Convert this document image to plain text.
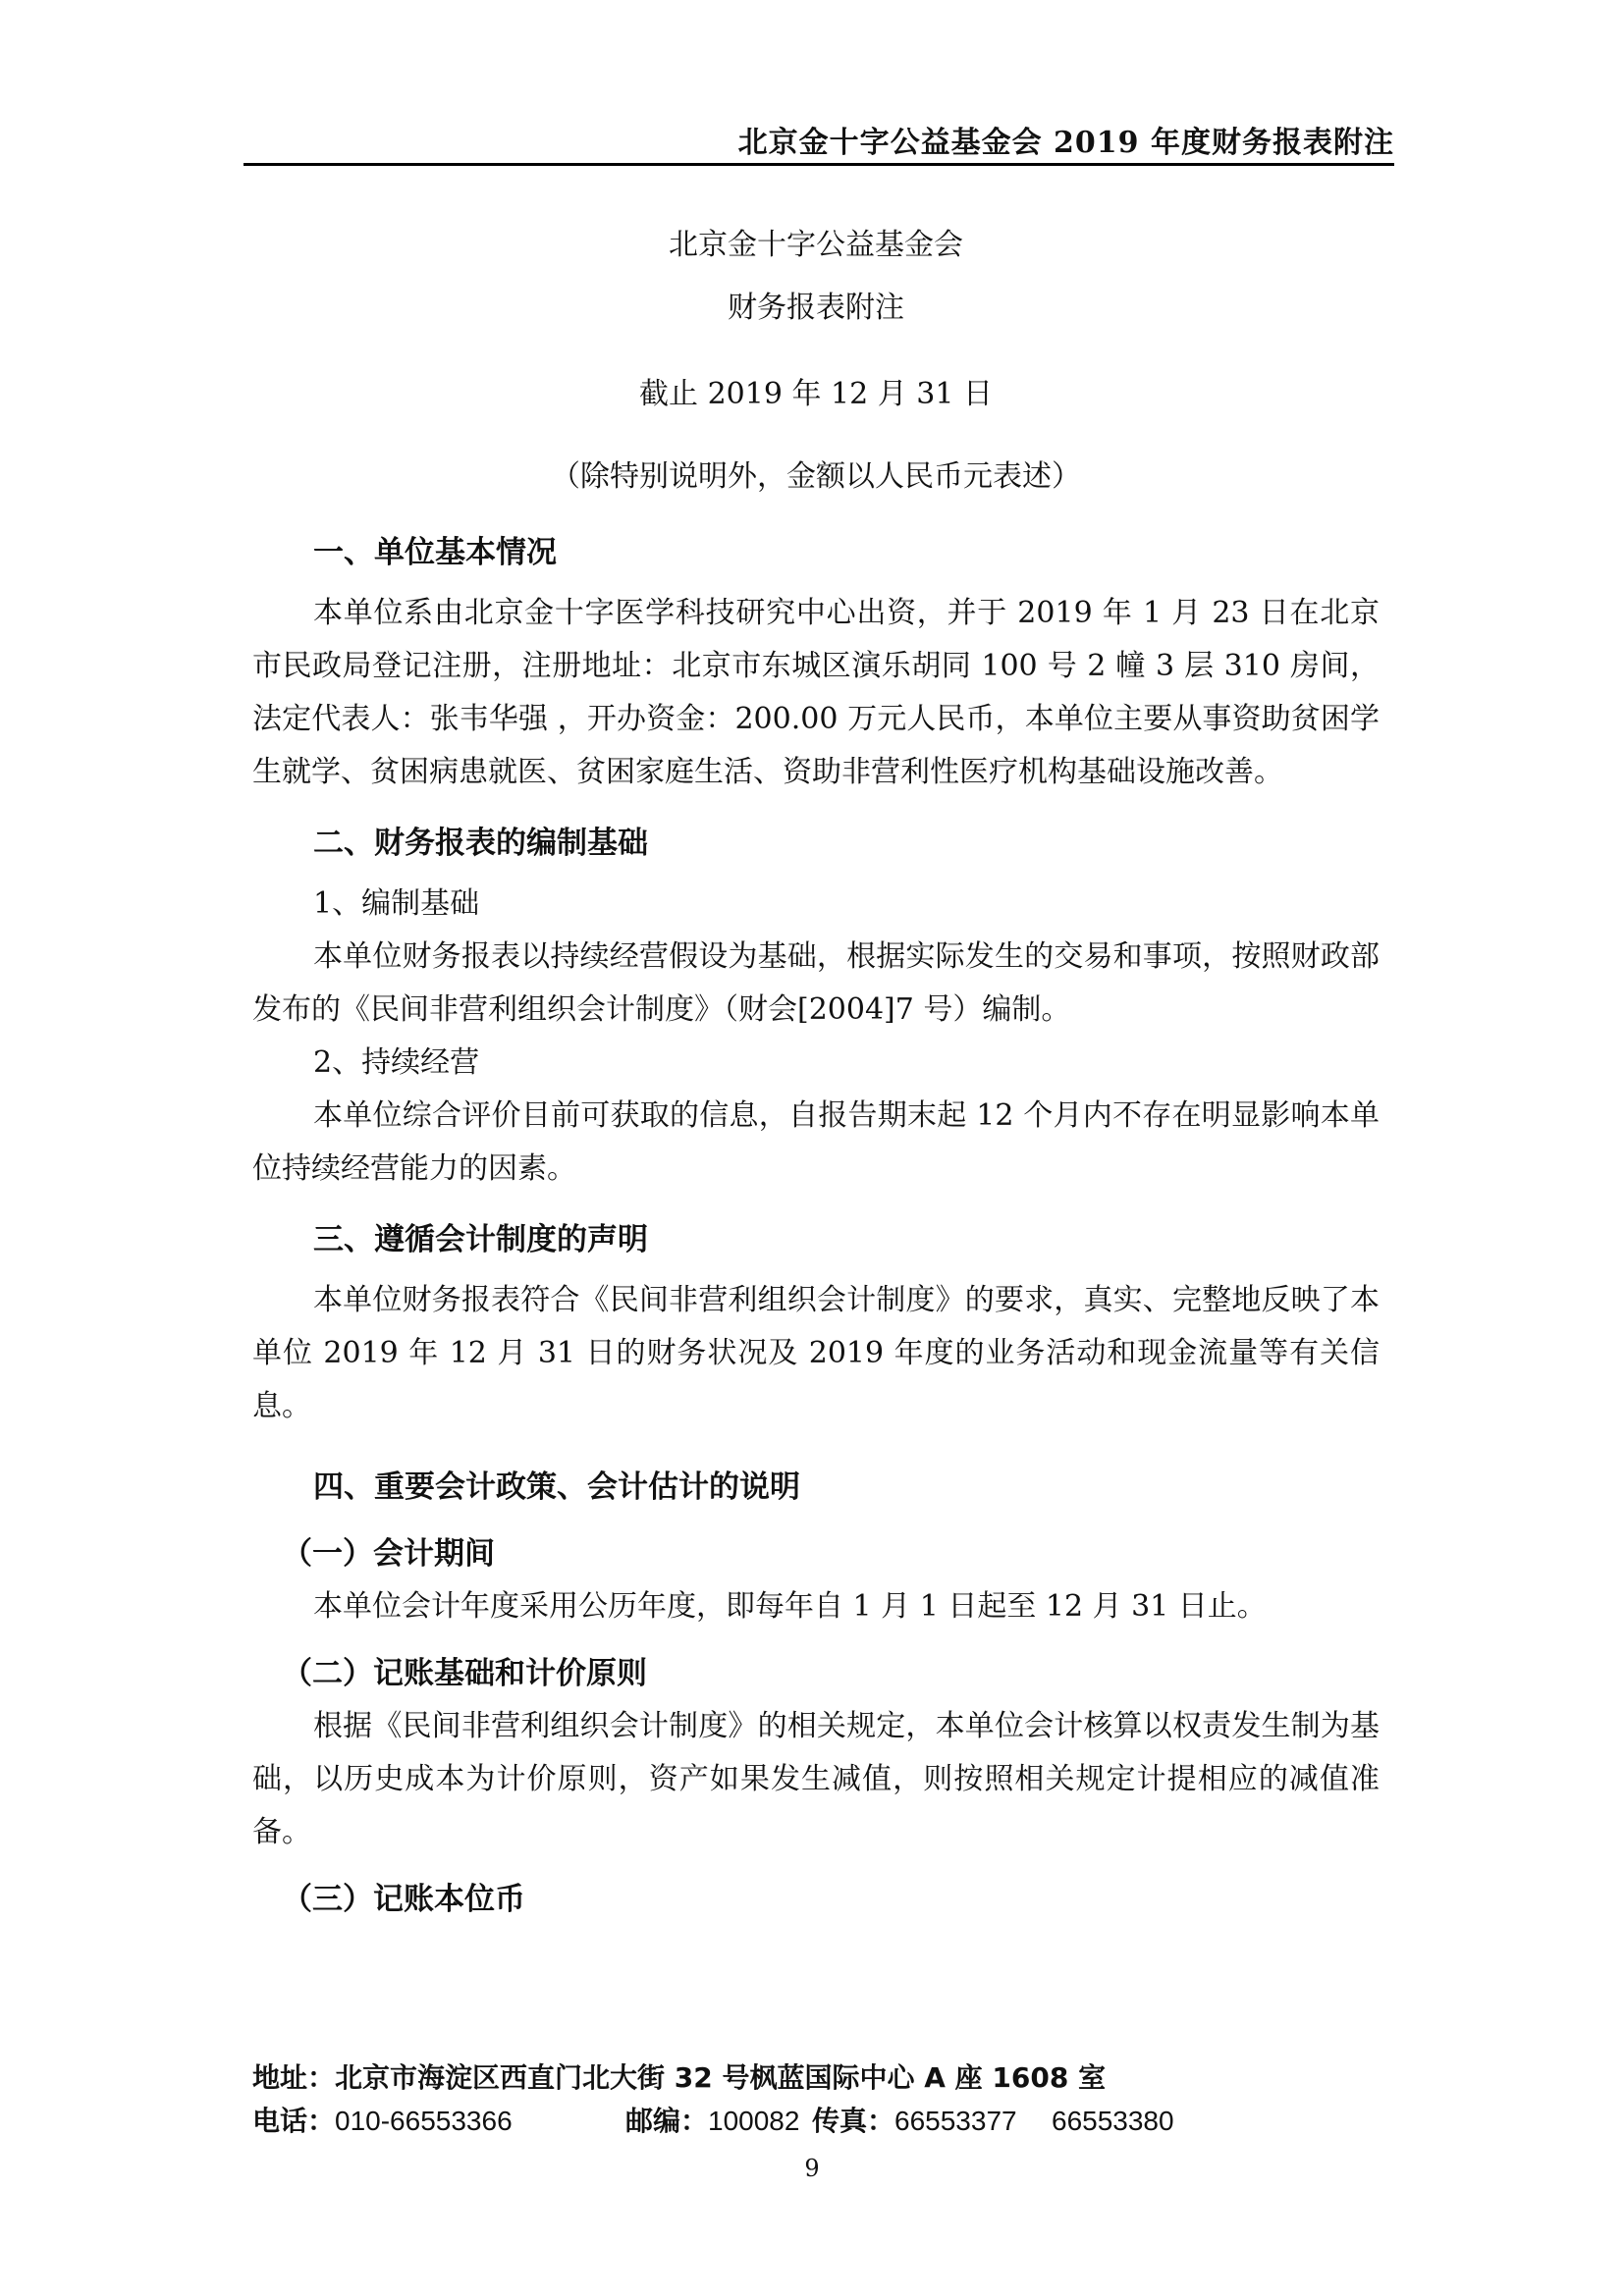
北京金十字公益基金会 2019 年度财务报表附注
北京金十字公益基金会
财务报表附注
截止 2019 年 12 月 31 日
（除特别说明外，金额以人民币元表述）
一、单位基本情况

本单位系由北京金十字医学科技研究中心出资，并于 2019 年 1 月 23 日在北京市民政局登记注册，注册地址：北京市东城区演乐胡同 100 号 2 幢 3 层 310 房间，法定代表人：张韦华强 ，开办资金：200.00 万元人民币，本单位主要从事资助贫困学生就学、贫困病患就医、贫困家庭生活、资助非营利性医疗机构基础设施改善。

二、财务报表的编制基础
1、编制基础

本单位财务报表以持续经营假设为基础，根据实际发生的交易和事项，按照财政部发布的《民间非营利组织会计制度》（财会[2004]7 号）编制。

2、持续经营

本单位综合评价目前可获取的信息，自报告期末起 12 个月内不存在明显影响本单位持续经营能力的因素。

三、遵循会计制度的声明

本单位财务报表符合《民间非营利组织会计制度》的要求，真实、完整地反映了本单位 2019 年 12 月 31 日的财务状况及 2019 年度的业务活动和现金流量等有关信息。

四、重要会计政策、会计估计的说明
（一）会计期间

本单位会计年度采用公历年度，即每年自 1 月 1 日起至 12 月 31 日止。

（二）记账基础和计价原则

根据《民间非营利组织会计制度》的相关规定，本单位会计核算以权责发生制为基础，以历史成本为计价原则，资产如果发生减值，则按照相关规定计提相应的减值准备。

（三）记账本位币
地址：北京市海淀区西直门北大街 32 号枫蓝国际中心 A 座 1608 室
电话：010-66553366	邮编：100082 传真：66553377 66553380
9
